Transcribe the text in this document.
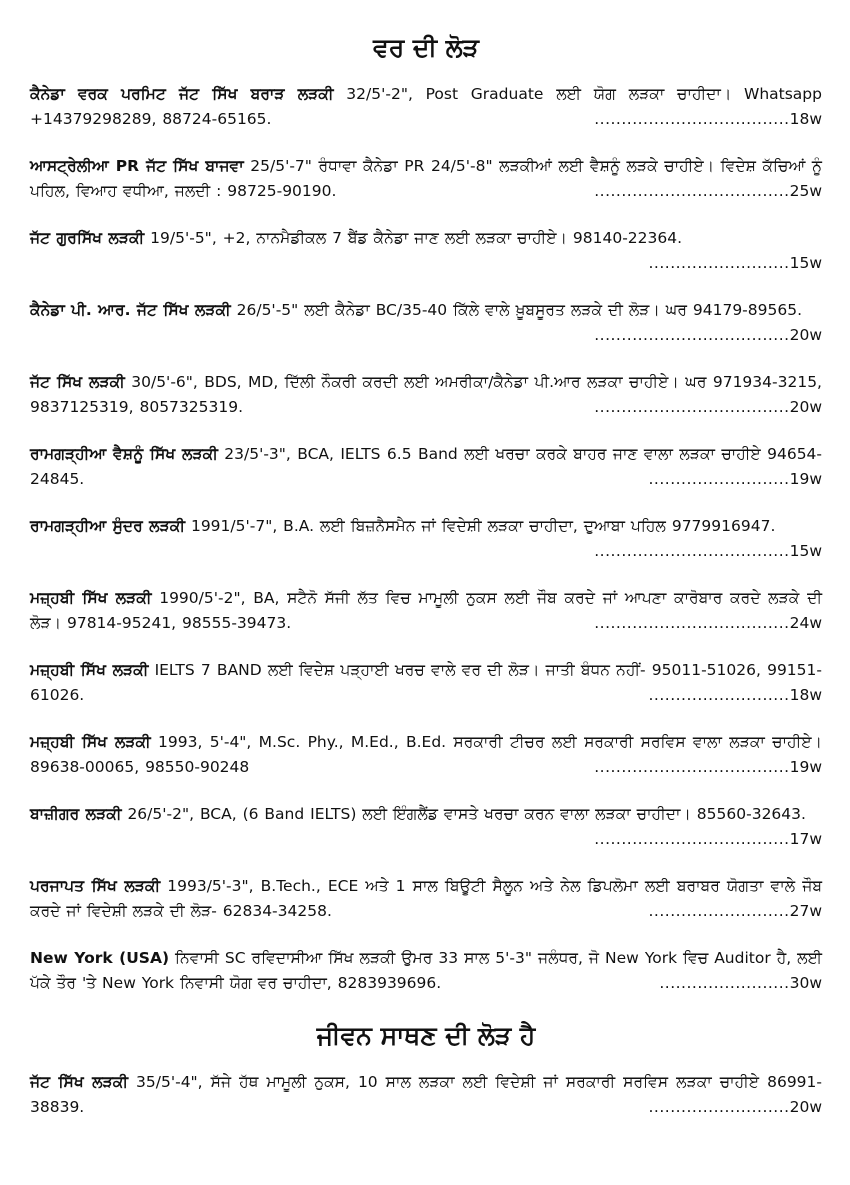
ਵਰ ਦੀ ਲੋੜ

ਕੈਨੇਡਾ ਵਰਕ ਪਰਮਿਟ ਜੱਟ ਸਿੱਖ ਬਰਾੜ ਲੜਕੀ 32/5'-2", Post Graduate ਲਈ ਯੋਗ ਲੜਕਾ ਚਾਹੀਦਾ। Whatsapp +14379298289, 88724-65165.	....................................18w

ਆਸਟ੍ਰੇਲੀਆ PR ਜੱਟ ਸਿੱਖ ਬਾਜਵਾ 25/5'-7" ਰੰਧਾਵਾ ਕੈਨੇਡਾ PR 24/5'-8" ਲੜਕੀਆਂ ਲਈ ਵੈਸ਼ਨੂੰ ਲੜਕੇ ਚਾਹੀਏ। ਵਿਦੇਸ਼ ਕੱਚਿਆਂ ਨੂੰ ਪਹਿਲ, ਵਿਆਹ ਵਧੀਆ, ਜਲਦੀ : 98725-90190.	....................................25w

ਜੱਟ ਗੁਰਸਿੱਖ ਲੜਕੀ 19/5'-5", +2, ਨਾਨਮੈਡੀਕਲ 7 ਬੈਂਡ ਕੈਨੇਡਾ ਜਾਣ ਲਈ ਲੜਕਾ ਚਾਹੀਏ। 98140-22364.
..........................15w

ਕੈਨੇਡਾ ਪੀ. ਆਰ. ਜੱਟ ਸਿੱਖ ਲੜਕੀ 26/5'-5" ਲਈ ਕੈਨੇਡਾ BC/35-40 ਕਿੱਲੇ ਵਾਲੇ ਖ਼ੂਬਸੂਰਤ ਲੜਕੇ ਦੀ ਲੋੜ। ਘਰ 94179-89565.
....................................20w

ਜੱਟ ਸਿੱਖ ਲੜਕੀ 30/5'-6", BDS, MD, ਦਿੱਲੀ ਨੌਕਰੀ ਕਰਦੀ ਲਈ ਅਮਰੀਕਾ/ਕੈਨੇਡਾ ਪੀ.ਆਰ ਲੜਕਾ ਚਾਹੀਏ। ਘਰ 971934-3215, 9837125319, 8057325319.	....................................20w

ਰਾਮਗੜ੍ਹੀਆ ਵੈਸ਼ਨੂੰ ਸਿੱਖ ਲੜਕੀ 23/5'-3", BCA, IELTS 6.5 Band ਲਈ ਖਰਚਾ ਕਰਕੇ ਬਾਹਰ ਜਾਣ ਵਾਲਾ ਲੜਕਾ ਚਾਹੀਏ 94654-24845.	..........................19w

ਰਾਮਗੜ੍ਹੀਆ ਸੁੰਦਰ ਲੜਕੀ 1991/5'-7", B.A. ਲਈ ਬਿਜ਼ਨੈਸਮੈਨ ਜਾਂ ਵਿਦੇਸ਼ੀ ਲੜਕਾ ਚਾਹੀਦਾ, ਦੁਆਬਾ ਪਹਿਲ 9779916947.
....................................15w

ਮਜ਼੍ਹਬੀ ਸਿੱਖ ਲੜਕੀ 1990/5'-2", BA, ਸਟੈਨੋ ਸੱਜੀ ਲੱਤ ਵਿਚ ਮਾਮੂਲੀ ਨੁਕਸ ਲਈ ਜੌਬ ਕਰਦੇ ਜਾਂ ਆਪਣਾ ਕਾਰੋਬਾਰ ਕਰਦੇ ਲੜਕੇ ਦੀ ਲੋੜ। 97814-95241, 98555-39473.	....................................24w

ਮਜ਼੍ਹਬੀ ਸਿੱਖ ਲੜਕੀ IELTS 7 BAND ਲਈ ਵਿਦੇਸ਼ ਪੜ੍ਹਾਈ ਖਰਚ ਵਾਲੇ ਵਰ ਦੀ ਲੋੜ। ਜਾਤੀ ਬੰਧਨ ਨਹੀਂ- 95011-51026, 99151-61026.	..........................18w

ਮਜ਼੍ਹਬੀ ਸਿੱਖ ਲੜਕੀ 1993, 5'-4", M.Sc. Phy., M.Ed., B.Ed. ਸਰਕਾਰੀ ਟੀਚਰ ਲਈ ਸਰਕਾਰੀ ਸਰਵਿਸ ਵਾਲਾ ਲੜਕਾ ਚਾਹੀਏ। 89638-00065, 98550-90248	....................................19w

ਬਾਜ਼ੀਗਰ ਲੜਕੀ 26/5'-2", BCA, (6 Band IELTS) ਲਈ ਇੰਗਲੈਂਡ ਵਾਸਤੇ ਖਰਚਾ ਕਰਨ ਵਾਲਾ ਲੜਕਾ ਚਾਹੀਦਾ। 85560-32643.
....................................17w

ਪਰਜਾਪਤ ਸਿੱਖ ਲੜਕੀ 1993/5'-3", B.Tech., ECE ਅਤੇ 1 ਸਾਲ ਬਿਊਟੀ ਸੈਲੂਨ ਅਤੇ ਨੇਲ ਡਿਪਲੋਮਾ ਲਈ ਬਰਾਬਰ ਯੋਗਤਾ ਵਾਲੇ ਜੌਬ ਕਰਦੇ ਜਾਂ ਵਿਦੇਸ਼ੀ ਲੜਕੇ ਦੀ ਲੋੜ- 62834-34258.	..........................27w

New York (USA) ਨਿਵਾਸੀ SC ਰਵਿਦਾਸੀਆ ਸਿੱਖ ਲੜਕੀ ਉਮਰ 33 ਸਾਲ 5'-3" ਜਲੰਧਰ, ਜੋ New York ਵਿਚ Auditor ਹੈ, ਲਈ ਪੱਕੇ ਤੌਰ 'ਤੇ New York ਨਿਵਾਸੀ ਯੋਗ ਵਰ ਚਾਹੀਦਾ, 8283939696.	........................30w

ਜੀਵਨ ਸਾਥਣ ਦੀ ਲੋੜ ਹੈ

ਜੱਟ ਸਿੱਖ ਲੜਕੀ 35/5'-4", ਸੱਜੇ ਹੱਥ ਮਾਮੂਲੀ ਨੁਕਸ, 10 ਸਾਲ ਲੜਕਾ ਲਈ ਵਿਦੇਸ਼ੀ ਜਾਂ ਸਰਕਾਰੀ ਸਰਵਿਸ ਲੜਕਾ ਚਾਹੀਏ 86991-38839.	..........................20w
